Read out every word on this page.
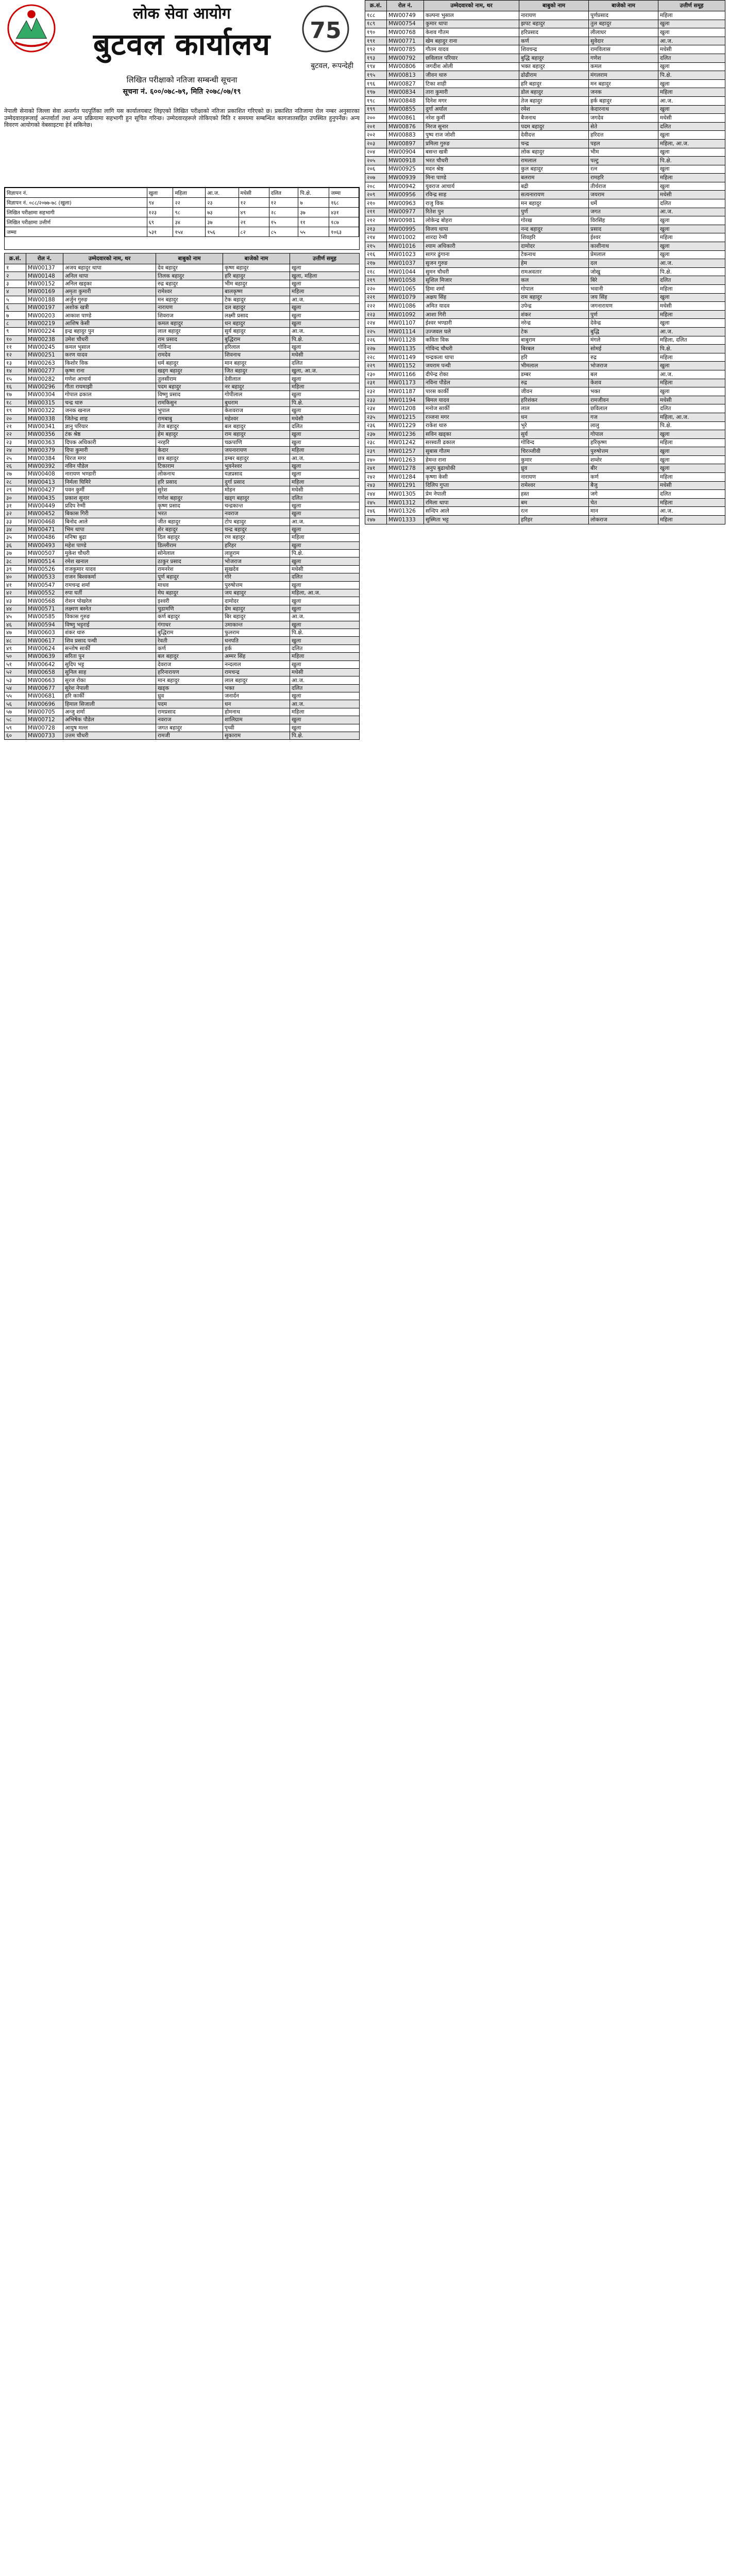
लोक सेवा आयोग
बुटवल कार्यालय	75
बुटवल, रूपन्देही
लिखित परीक्षाको नतिजा सम्बन्धी सूचना
सूचना नं. ६००/०७८-७९, मिति २०७८/०७/१९

नेपाली सेनाको जिल्ला सेवा अन्तर्गत पदपूर्तिका लागि यस कार्यालयबाट लिइएको लिखित परीक्षाको नतिजा प्रकाशित गरिएको छ। प्रकाशित नतिजामा रोल नम्बर अनुसारका उम्मेदवारहरूलाई अन्तर्वार्ता तथा अन्य प्रक्रियामा सहभागी हुन सूचित गरिन्छ। उम्मेदवारहरूले तोकिएको मिति र समयमा सम्बन्धित कागजातसहित उपस्थित हुनुपर्नेछ। अन्य विवरण आयोगको वेबसाइटमा हेर्न सकिनेछ।

विज्ञापन नं.	खुला	महिला	आ.ज.	मधेसी	दलित	पि.क्षे.	जम्मा
विज्ञापन नं. ०८८/२०७७-७८ (खुला)	९४	२२	२३	१२	१२	७	१६८
लिखित परीक्षामा सहभागी	१२३	९८	७३	४९	२८	३७	४३१
लिखित परीक्षामा उत्तीर्ण	६९	३४	३७	२१	१५	११	१८७
जम्मा	५३१	१५४	१५६	८२	८५	५५	१०६३
क्र.सं.	रोल नं.	उम्मेदवारको नाम, थर	बाबुको नाम	बाजेको नाम	उत्तीर्ण समूह
१	MW00137	अजय बहादुर थापा	देव बहादुर	कृष्ण बहादुर	खुला
२	MW00148	अनिल थापा	तिलक बहादुर	हरि बहादुर	खुला, महिला
३	MW00152	अनिल खड्का	रुद्र बहादुर	भीम बहादुर	खुला
४	MW00169	अमृता कुमारी	रामेश्वर	बालकृष्ण	महिला
५	MW00188	अर्जुन गुरुङ	मन बहादुर	टेक बहादुर	आ.ज.
६	MW00197	अशोक खत्री	नारायण	दल बहादुर	खुला
७	MW00203	आकाश पाण्डे	शिवराज	लक्ष्मी प्रसाद	खुला
८	MW00219	आशिष केसी	कमल बहादुर	धन बहादुर	खुला
९	MW00224	इन्द्र बहादुर पुन	लाल बहादुर	सुर्य बहादुर	आ.ज.
१०	MW00238	उमेश चौधरी	राम प्रसाद	बुद्धिराम	पि.क्षे.
११	MW00245	कमल भुसाल	गोविन्द	हरिलाल	खुला
१२	MW00251	करण यादव	रामदेव	शिवनाथ	मधेसी
१३	MW00263	किशोर विक	धर्म बहादुर	मान बहादुर	दलित
१४	MW00277	कृष्ण राना	खड्ग बहादुर	जित बहादुर	खुला, आ.ज.
१५	MW00282	गणेश आचार्य	तुलसीराम	देवीलाल	खुला
१६	MW00296	गीता रायमाझी	पदम बहादुर	नर बहादुर	महिला
१७	MW00304	गोपाल ढकाल	विष्णु प्रसाद	गोपीलाल	खुला
१८	MW00315	चन्द्र थारु	रामकिसुन	बुधराम	पि.क्षे.
१९	MW00322	जनक खनाल	भुपाल	केशवराज	खुला
२०	MW00338	जितेन्द्र शाह	रामबाबु	महेश्वर	मधेसी
२१	MW00341	ज्ञानु परियार	तेज बहादुर	बल बहादुर	दलित
२२	MW00356	टंक श्रेष्ठ	हेम बहादुर	राम बहादुर	खुला
२३	MW00363	दिपक अधिकारी	नरहरि	चक्रपाणि	खुला
२४	MW00379	दिपा कुमारी	केदार	जयनारायण	महिला
२५	MW00384	धिरज मगर	छत्र बहादुर	डम्बर बहादुर	आ.ज.
२६	MW00392	नविन पौडेल	टिकाराम	भुवनेश्वर	खुला
२७	MW00408	नारायण भण्डारी	लोकनाथ	यज्ञप्रसाद	खुला
२८	MW00413	निर्मला घिमिरे	हरि प्रसाद	दुर्गा प्रसाद	महिला
२९	MW00427	पवन कुर्मी	सुरेश	मोहन	मधेसी
३०	MW00435	प्रकाश सुनार	गणेश बहादुर	खड्ग बहादुर	दलित
३१	MW00449	प्रदिप रेग्मी	कृष्ण प्रसाद	चन्द्रकान्त	खुला
३२	MW00452	बिकास गिरी	भरत	नवराज	खुला
३३	MW00468	बिनोद आले	जीत बहादुर	टोप बहादुर	आ.ज.
३४	MW00471	भिम थापा	शेर बहादुर	चन्द्र बहादुर	खुला
३५	MW00486	मनिषा बुढा	दिल बहादुर	रण बहादुर	महिला
३६	MW00493	महेश पाण्डे	डिल्लीराम	हरिहर	खुला
३७	MW00507	मुकेश चौधरी	सोनेलाल	लाहुराम	पि.क्षे.
३८	MW00514	रमेश खनाल	ठाकुर प्रसाद	भोजराज	खुला
३९	MW00526	राजकुमार यादव	रामनरेश	सुखदेव	मधेसी
४०	MW00533	राजन बिश्वकर्मा	पूर्ण बहादुर	गोरे	दलित
४१	MW00547	रामचन्द्र शर्मा	माधव	पुरुषोत्तम	खुला
४२	MW00552	रुपा घर्ती	मेघ बहादुर	जय बहादुर	महिला, आ.ज.
४३	MW00568	रोशन पोखरेल	इश्वरी	दामोदर	खुला
४४	MW00571	लक्ष्मण बस्नेत	चुडामणि	प्रेम बहादुर	खुला
४५	MW00585	विकास गुरुङ	कर्ण बहादुर	बिर बहादुर	आ.ज.
४६	MW00594	विष्णु भट्टराई	गंगाधर	उमाकान्त	खुला
४७	MW00603	शंकर थारु	बुद्धिराम	फुलराम	पि.क्षे.
४८	MW00617	शिव प्रसाद पन्थी	रेवती	धनपति	खुला
४९	MW00624	सन्तोष सार्की	कर्ण	हर्क	दलित
५०	MW00639	सरिता पुन	बल बहादुर	अम्मर सिंह	महिला
५१	MW00642	सुदिप भट्ट	देवराज	नन्दलाल	खुला
५२	MW00658	सुनिल साह	हरिनारायण	रामचन्द्र	मधेसी
५३	MW00663	सुरज रोका	मान बहादुर	लाल बहादुर	आ.ज.
५४	MW00677	सुरेश नेपाली	खड्क	भक्त	दलित
५५	MW00681	हरि कार्की	ध्रुव	जनार्दन	खुला
५६	MW00696	हिमाल सिजाली	पदम	धन	आ.ज.
५७	MW00705	अन्जु शर्मा	रामप्रसाद	होमनाथ	महिला
५८	MW00712	अभिषेक पौडेल	नवराज	शालिग्राम	खुला
५९	MW00728	आयुष मल्ल	जगत बहादुर	पृथ्वी	खुला
६०	MW00733	उत्तम चौधरी	रामजी	सुकाराम	पि.क्षे.
क्र.सं.	रोल नं.	उम्मेदवारको नाम, थर	बाबुको नाम	बाजेको नाम	उत्तीर्ण समूह
१८८	MW00749	कल्पना भुसाल	नारायण	पूर्णप्रसाद	महिला
१८९	MW00754	कुमार थापा	झपट बहादुर	तुल बहादुर	खुला
१९०	MW00768	केशव गौतम	हरिप्रसाद	लीलाधर	खुला
१९१	MW00771	खेम बहादुर राना	कर्ण	सुवेदार	आ.ज.
१९२	MW00785	गौतम यादव	शिवचन्द्र	रामविलास	मधेसी
१९३	MW00792	छविलाल परियार	बुद्धि बहादुर	गणेश	दलित
१९४	MW00806	जगदीश ओली	भक्त बहादुर	कमल	खुला
१९५	MW00813	जीवन थारु	ढोढीराम	मंगलराम	पि.क्षे.
१९६	MW00827	टिका शाही	हरि बहादुर	मन बहादुर	खुला
१९७	MW00834	तारा कुमारी	डोल बहादुर	जनक	महिला
१९८	MW00848	दिनेश मगर	तेज बहादुर	हर्क बहादुर	आ.ज.
१९९	MW00855	दुर्गा अर्याल	रमेश	केदारनाथ	खुला
२००	MW00861	नरेश कुर्मी	बैजनाथ	जगदेव	मधेसी
२०१	MW00876	निरज सुनार	पदम बहादुर	सेते	दलित
२०२	MW00883	पुष्प राज जोशी	देवीदत्त	हरिदत्त	खुला
२०३	MW00897	प्रमिला गुरुङ	चन्द्र	पहल	महिला, आ.ज.
२०४	MW00904	बसन्त खत्री	लोक बहादुर	भीम	खुला
२०५	MW00918	भरत चौधरी	रामलाल	पल्टु	पि.क्षे.
२०६	MW00925	मदन श्रेष्ठ	कुल बहादुर	रत्न	खुला
२०७	MW00939	मिना पाण्डे	बलराम	रामहरि	महिला
२०८	MW00942	युवराज आचार्य	बद्री	तीर्थराज	खुला
२०९	MW00956	रविन्द्र साह	सत्यनारायण	जयराम	मधेसी
२१०	MW00963	राजु विक	मन बहादुर	धर्मे	दलित
२११	MW00977	रितेश पुन	पुर्ण	जगत	आ.ज.
२१२	MW00981	लोकेन्द्र बोहरा	गोरख	विरसिंह	खुला
२१३	MW00995	विजय थापा	नन्द बहादुर	प्रसाद	खुला
२१४	MW01002	शारदा रेग्मी	शिवहरि	ईश्वर	महिला
२१५	MW01016	श्याम अधिकारी	दामोदर	काशीनाथ	खुला
२१६	MW01023	सागर ढुंगाना	टेकनाथ	प्रेमलाल	खुला
२१७	MW01037	सुजन गुरुङ	हेम	दल	आ.ज.
२१८	MW01044	सुमन चौधरी	रामअवतार	जोखु	पि.क्षे.
२१९	MW01058	सुशिल मिजार	कल	बिरे	दलित
२२०	MW01065	हिमा शर्मा	गोपाल	भवानी	महिला
२२१	MW01079	अक्षय सिंह	राम बहादुर	जय सिंह	खुला
२२२	MW01086	अमित यादव	उपेन्द्र	जगनारायण	मधेसी
२२३	MW01092	आशा गिरी	शंकर	पुर्ण	महिला
२२४	MW01107	ईश्वर भण्डारी	नरेन्द्र	देवेन्द्र	खुला
२२५	MW01114	उज्जवल घले	टेक	बुद्धि	आ.ज.
२२६	MW01128	कविता विक	बाबुराम	मंगले	महिला, दलित
२२७	MW01135	गोविन्द चौधरी	बिरबल	सोमई	पि.क्षे.
२२८	MW01149	चन्द्रकला थापा	हरि	रुद्र	महिला
२२९	MW01152	जयराम पन्थी	भीमलाल	भोजराज	खुला
२३०	MW01166	दीपेन्द्र रोका	डम्बर	बल	आ.ज.
२३१	MW01173	नविना पौडेल	रुद्र	केशव	महिला
२३२	MW01187	पारस कार्की	जीवन	भक्त	खुला
२३३	MW01194	बिमल यादव	हरिशंकर	रामजीवन	मधेसी
२३४	MW01208	मनोज सार्की	लाल	छविलाल	दलित
२३५	MW01215	रञ्जना मगर	धन	गज	महिला, आ.ज.
२३६	MW01229	राकेश थारु	भुरे	लालु	पि.क्षे.
२३७	MW01236	सविन खड्का	सुर्य	गोपाल	खुला
२३८	MW01242	सरस्वती ढकाल	गोविन्द	हरिकृष्ण	महिला
२३९	MW01257	सुबास गौतम	चिरञ्जीवी	पुरुषोत्तम	खुला
२४०	MW01263	हेमन्त राना	कुमार	शम्शेर	खुला
२४१	MW01278	अनुप बुढाथोकी	ध्रुव	बीर	खुला
२४२	MW01284	कृष्णा केसी	नारायण	कर्ण	महिला
२४३	MW01291	दिलिप गुप्ता	रामेश्वर	बैजु	मधेसी
२४४	MW01305	प्रेम नेपाली	हस्त	जगे	दलित
२४५	MW01312	रमिला थापा	बम	चेत	महिला
२४६	MW01326	सन्दिप आले	रत्न	मान	आ.ज.
२४७	MW01333	सुस्मिता भट्ट	हरिहर	लोकराज	महिला
